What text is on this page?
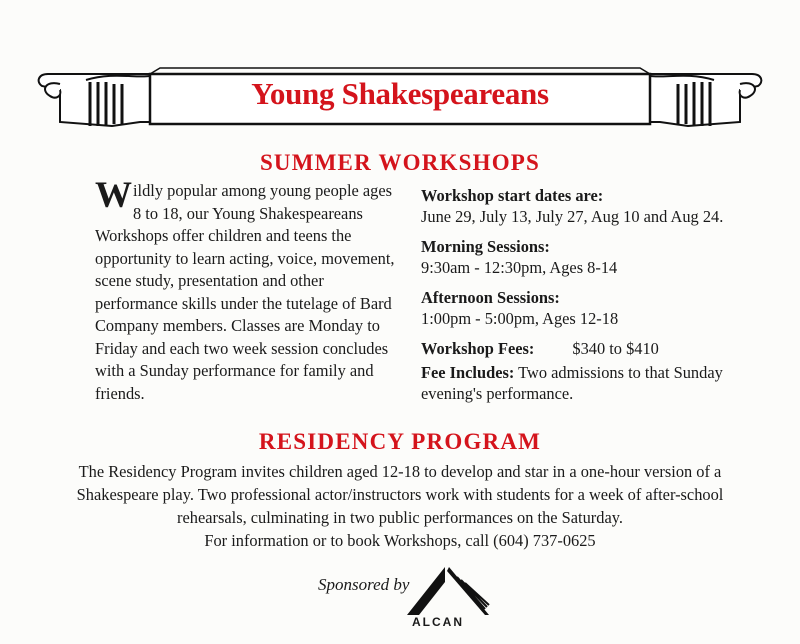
Young Shakespeareans
SUMMER WORKSHOPS
W ildly popular among young people ages 8 to 18, our Young Shakespeareans Workshops offer children and teens the opportunity to learn acting, voice, movement, scene study, presentation and other performance skills under the tutelage of Bard Company members. Classes are Monday to Friday and each two week session concludes with a Sunday performance for family and friends.
Workshop start dates are:
June 29, July 13, July 27, Aug 10 and Aug 24.
Morning Sessions:
9:30am - 12:30pm, Ages 8-14
Afternoon Sessions:
1:00pm - 5:00pm, Ages 12-18
Workshop Fees: $340 to $410
Fee Includes: Two admissions to that Sunday evening's performance.
RESIDENCY PROGRAM
The Residency Program invites children aged 12-18 to develop and star in a one-hour version of a Shakespeare play. Two professional actor/instructors work with students for a week of after-school rehearsals, culminating in two public performances on the Saturday.
For information or to book Workshops, call (604) 737-0625
Sponsored by
ALCAN
